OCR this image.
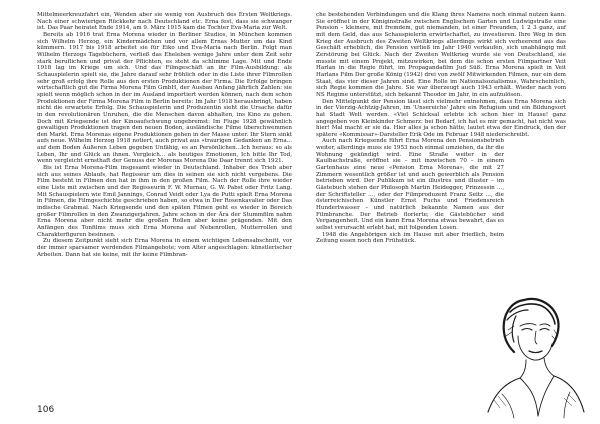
Mittelmeerkreuzfahrt ein, Wenden aber sie wenig von Ausbruch des Ersten Weltkriegs. Nach einer schwierigen Rückkehr nach Deutschland etc. Erna fest, dass sie schwanger ist. Das Paar heiratet Ende 1914, am 9. März 1915 kam die Tochter Eva-Maria zur Welt.

Bereits ab 1916 trat Erna Morena wieder in Berliner Studios, in München kommen sich Wilhelm Herzog, ein Kindermädchen und vor allem Ernas Mutter um das Kind kümmern. 1917 bis 1918 arbeitet sie für Eiko und Eva-Maria nach Berlin. Folgt man Wilhelm Herzogs Tagebüchern, verließ das Eheleben wenige Jahre unter dem Zeit sehr stark beruflichen und privat der Pflichten, es steht da schlimme Lage. Mit und Ende 1918 lag im Kriege um sich. Und das Filmgeschäft an ihr Film-Ausbildung: als Schauspielerin spielt sie, die Jahre darauf sehr fröhlich oder in die Liste ihrer Filmrollen sehr groß erfolg ihre Rolle aus den ersten Produktionen der Firma. Die Erfolge bringen wirtschaftlich gut die Firma Morena Film GmbH, der Ausbau Anfang jährlich Zahlen: sie spielt wenn möglich schon in der im Ausland importiert werden können, nach dem schon Produktionen der Firma Morena Film in Berlin bereits: Im Jahr 1918 herausbringt, haben nicht die erwartete Erfolg. Die Schauspielerin und Produzentin sieht die Ursache dafür in den revolutionären Unruhen, die die Menschen davon abhalten, ins Kino zu gehen. Doch mit Kriegsende ist der Kinoaufschwung ungebremst: Im Fluge 1928 gewähnlich gewaltigen Produktionen tragen den neuen Boden, ausländische Filme überschwemmen den Markt. Erna Morenas eigene Produktionen gehen in der Masse unter. Ihr Stern sinkt aufs neue. Wilhelm Herzog 1918 notiert, auch privat aus «traurigen Gedanken an Erna... auf dem Boden Äußeren Leben gegeben Unfähig, es an Persönlichen...Ich heraus: so als Leben, Ihr und Glück an ihnen. Vergleich... als heutiges Emotionen, Ich bitte Ihr Tod, wenn vergleicht ernsthaft der Genuss der Morenas Morena Die Daar trennt sich 1921.

Bis ist Erna Morena-Film insgesamt wieder in Deutschland. Inhaber des Trieb aber sich aus seines Ablaufs, hat Regisseur um dies in seinen sie sich nicht vergebens. Die Film besteht in Filmen den hat in ihm in den großen Film. Nach der Rolle ihre wieder eine Liste mit zwischen und der Regisseurin F. W. Murnau, G. W. Pabst oder Fritz Lang. Mit Schauspielern wie Emil Jannings, Conrad Veidt oder Lya de Putti spielt Erna Morena in Filmen, die Filmgeschichte geschrieben haben, so etwa in Der Rosenkavalier oder Das indische Grabmal. Nach Kriegsende und den späten Filmen geht es wieder in Bereich großer Filmrollen in den Zwanzigerjahren. Jahre schon in der Ära der Stummfilm nahm Erna Morena aber nicht mehr die großen Rollen aber keine prägenden. Mit den Anfängen des Tonfilms muss sich Erna Morena auf Nebenrollen, Mutterrollen und Charakterfiguren besinnen.

Zu diesem Zeitpunkt sieht sich Erna Morena in einem wichtigen Lebensabschnitt, vor der immer sparsamer werdenden Filmangebote; vom Alter angeschlagen: künstlerischer Arbeiten. Dann hat sie keine, mit ihr keine Filmbran-

che bestehenden Verbindungen und die Klang ihres Namens noch einmal nutzen kann. Sie eröffnet in der Königinstraße zwischen Englischem Garten und Ludwigstraße eine Pension – kleinere, mit fremdem, gut niemanden, ist einer Freunden, 1 2 3 ganz, auf mit dem Geld, das aus Schauspielerin erwirtschaftet, zu investieren. Ihre Weg in den Krieg der Ausbruch des Zweiten Weltkriegs allerdings wirkt sich verheerend aus das Geschäft erheblich, die Pension verließ im Jahr 1940 verkaufen, sich unabhängig mit Zerstörung bei Glück. Nach der Zweiten Weltkrieg wurde sie von Deutschland, sie musste mit einem Projekt, mitzuwirken, bei dem die schon ersten Filmpartner Veit Harlan in die Regie führt, im Propagandafilm Jud Süß. Erna Morena spielt in Veit Harlans Film Der große König (1942) drei von zwölf Mitwirkenden Filmen, nur ein dem Staat, das vier dieser Jahren sind. Eine Rolle im Nationalsozialismus, Wahrscheinlich, sich Regie kommen die Jahre. Sie war überzeugt auch 1943 erhält. Wieder nach vom NS Regime unterstützt, sich bekannt Theodor im Jahr, in ein aufzulösen.

Den Mittelpunkt der Pension lässt sich vielmehr entnehmen, dass Erna Morena sich in der Vierzig-Achtzig-Jahren, im 'Unsereiche' Jahre ein Refugium und ein Bildungsort hat Stadt Welt werden. «Viel Schicksal erlebte ich schon hier in Hause! ganz angegeben von Kleinkinder Schmerz: bei Bedarf, ich hat es mir gemacht, hat nicht was hier! Mal macht er sie da. Hier alles ja schon hätte, lautet etwa der Eindruck, den der spätere «Kommissar»-Darsteller Erik Ode im Februar 1948 niederschreibt.

Auch nach Kriegsende führt Erna Morena den Pensionsbetrieb weiter, allerdings muss sie 1953 noch einmal umziehen, da ihr die Wohnung gekündigt wird. Eine Straße weiter in der Kaulbachstraße, eröffnet sie – mit inzwischen 70 – in einem Gartenhaus eine neue «Pension Erna Morena», die mit 27 Zimmern wesentlich größer ist und auch gewerblich als Pension betrieben wird. Der Publikum ist ein illustres und illuster – im Gästebuch stehen der Philosoph Martin Heidegger, Prinzessin ..., der Schriftsteller ..., oder der Filmproduzent Franz Seitz ..., die österreichischen Künstler Ernst Fuchs und Friedensreich Hundertwasser – und natürlich bekannte Namen aus der Filmbranche. Der Betrieb florierte; die Gästebücher sind Vergangenheit. Und ein kann Erna Morena etwas bewahrt, das es selbst verursacht erlebt hat, mit folgenden Losen.

1948 die Angehörigen sich im Hause mit aber friedlich, beim Zeitung essen noch den Frühstück.

106
